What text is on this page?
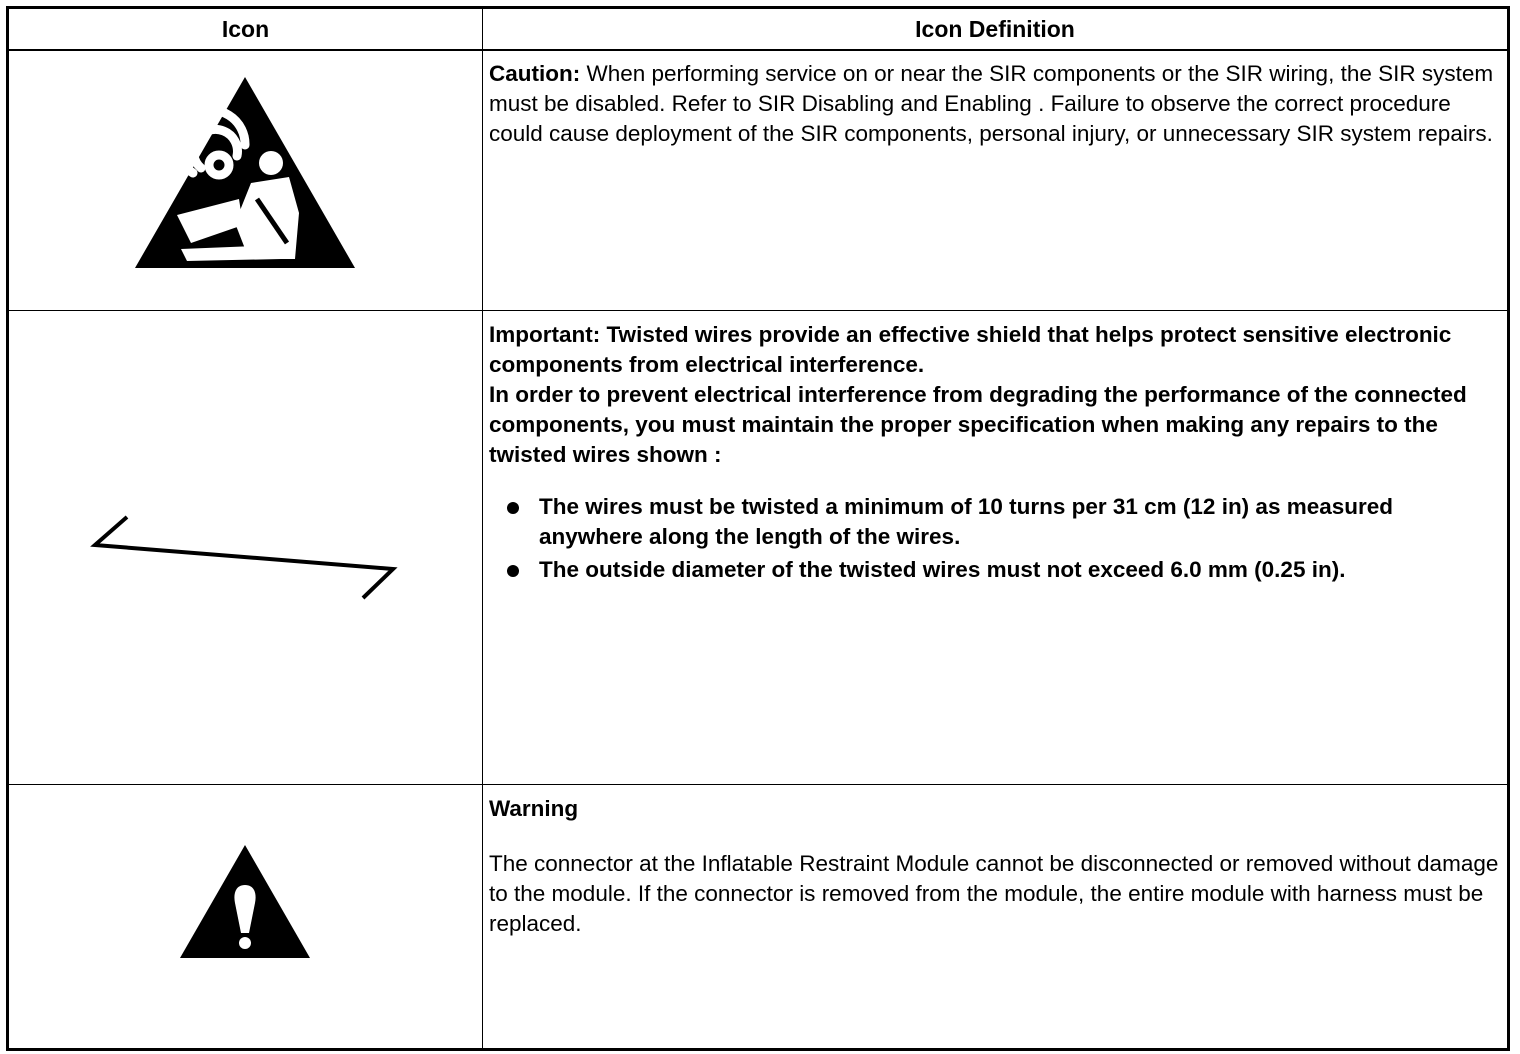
Icon	Icon Definition

Caution: When performing service on or near the SIR components or the SIR wiring, the SIR system must be disabled. Refer to SIR Disabling and Enabling . Failure to observe the correct procedure could cause deployment of the SIR components, personal injury, or unnecessary SIR system repairs.

Important: Twisted wires provide an effective shield that helps protect sensitive electronic components from electrical interference.

In order to prevent electrical interference from degrading the performance of the connected components, you must maintain the proper specification when making any repairs to the twisted wires shown :

The wires must be twisted a minimum of 10 turns per 31 cm (12 in) as measured anywhere along the length of the wires.
The outside diameter of the twisted wires must not exceed 6.0 mm (0.25 in).

Warning

The connector at the Inflatable Restraint Module cannot be disconnected or removed without damage to the module. If the connector is removed from the module, the entire module with harness must be replaced.
